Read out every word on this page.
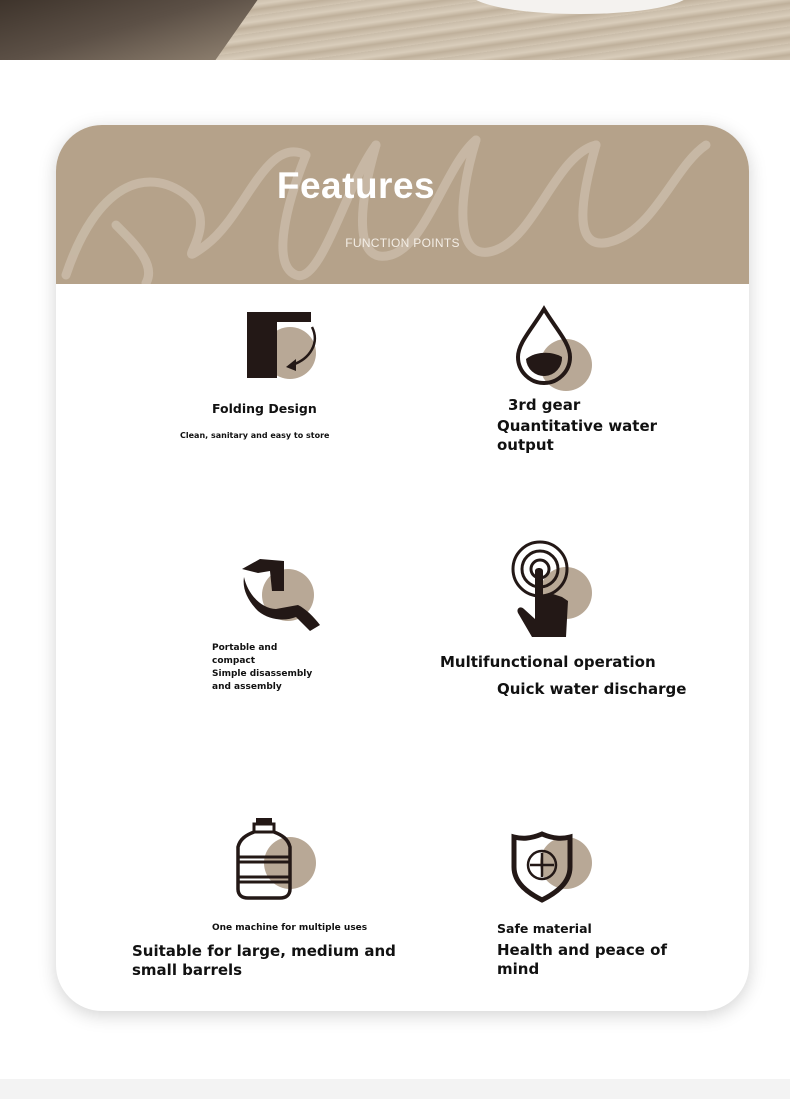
Features
FUNCTION POINTS
Folding Design
Clean, sanitary and easy to store
3rd gear
Quantitative water
output
Portable and
compact
Simple disassembly
and assembly
Multifunctional operation
Quick water discharge
One machine for multiple uses
Suitable for large, medium and
small barrels
Safe material
Health and peace of
mind
